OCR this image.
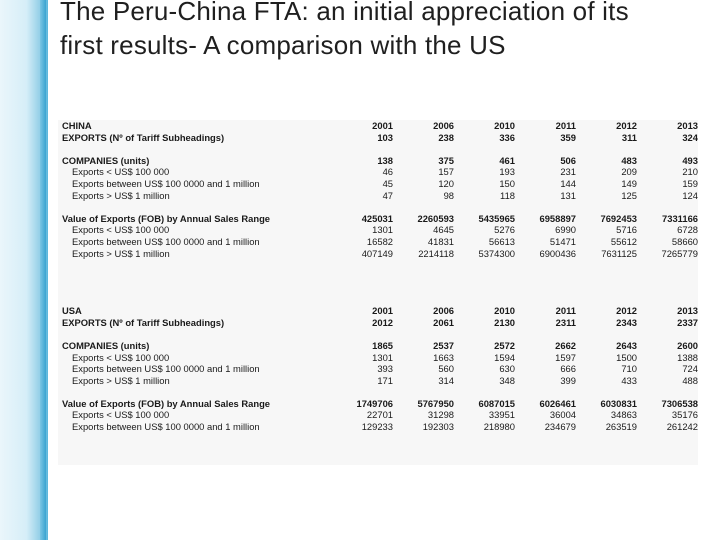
The Peru-China FTA: an initial appreciation of its
first results- A comparison with the US
CHINA	2001	2006	2010	2011	2012	2013
EXPORTS (Nº of Tariff Subheadings)	103	238	336	359	311	324

COMPANIES (units)	138	375	461	506	483	493
Exports < US$ 100 000	46	157	193	231	209	210
Exports between US$ 100 0000 and 1 million	45	120	150	144	149	159
Exports > US$ 1 million	47	98	118	131	125	124

Value of Exports (FOB) by Annual Sales Range	425031	2260593	5435965	6958897	7692453	7331166
Exports < US$ 100 000	1301	4645	5276	6990	5716	6728
Exports between US$ 100 0000 and 1 million	16582	41831	56613	51471	55612	58660
Exports > US$ 1 million	407149	2214118	5374300	6900436	7631125	7265779

USA	2001	2006	2010	2011	2012	2013
EXPORTS (Nº of Tariff Subheadings)	2012	2061	2130	2311	2343	2337

COMPANIES (units)	1865	2537	2572	2662	2643	2600
Exports < US$ 100 000	1301	1663	1594	1597	1500	1388
Exports between US$ 100 0000 and 1 million	393	560	630	666	710	724
Exports > US$ 1 million	171	314	348	399	433	488

Value of Exports (FOB) by Annual Sales Range	1749706	5767950	6087015	6026461	6030831	7306538
Exports < US$ 100 000	22701	31298	33951	36004	34863	35176
Exports between US$ 100 0000 and 1 million	129233	192303	218980	234679	263519	261242
